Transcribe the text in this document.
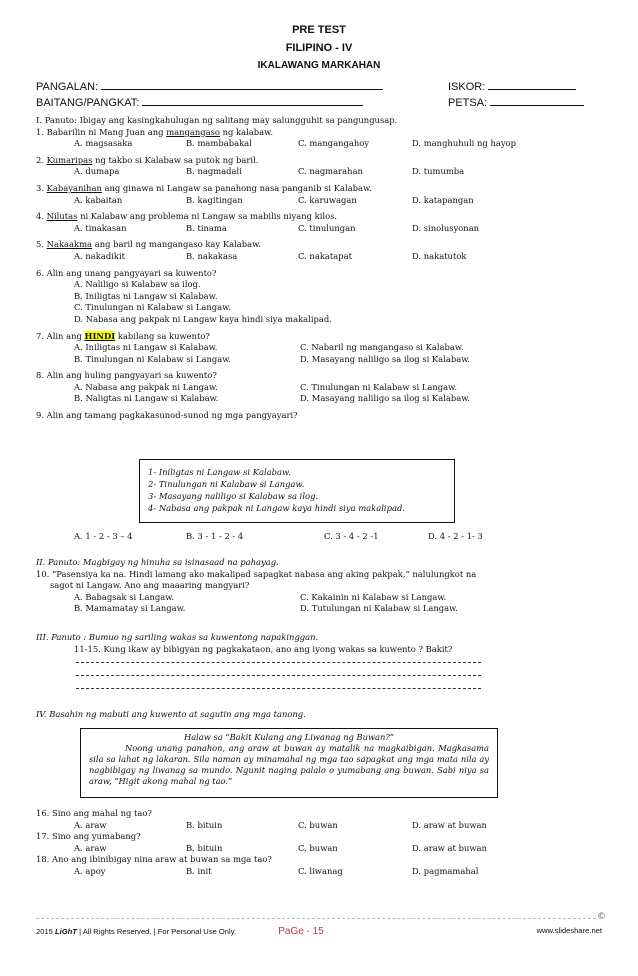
PRE TEST
FILIPINO - IV
IKALAWANG MARKAHAN
PANGALAN:
BAITANG/PANGKAT:
ISKOR:
PETSA:
I. Panuto: Ibigay ang kasingkahulugan ng salitang may salungguhit sa pangungusap.
1. Babarilin ni Mang Juan ang mangangaso ng kalabaw.
A. magsasaka	B. mambabakal	C. mangangahoy	D. manghuhuli ng hayop
2. Kumaripas ng takbo si Kalabaw sa putok ng baril.
A. dumapa	B. nagmadali	C. nagmarahan	D. tumumba
3. Kabayanihan ang ginawa ni Langaw sa panahong nasa panganib si Kalabaw.
A. kabaitan	B. kagitingan	C. karuwagan	D. katapangan
4. Nilutas ni Kalabaw ang problema ni Langaw sa mabilis niyang kilos.
A. tinakasan	B. tinama	C. tinulungan	D. sinolusyonan
5. Nakaakma ang baril ng mangangaso kay Kalabaw.
A. nakadikit	B. nakakasa	C. nakatapat	D. nakatutok
6. Alin ang unang pangyayari sa kuwento?
A. Naliligo si Kalabaw sa ilog.
B. Iniligtas ni Langaw si Kalabaw.
C. Tinulungan ni Kalabaw si Langaw.
D. Nabasa ang pakpak ni Langaw kaya hindi siya makalipad.
7. Alin ang HINDI kabilang sa kuwento?
A. Iniligtas ni Langaw si Kalabaw.	C. Nabaril ng mangangaso si Kalabaw.
B. Tinulungan ni Kalabaw si Langaw.	D. Masayang naliligo sa ilog si Kalabaw.
8. Alin ang huling pangyayari sa kuwento?
A. Nabasa ang pakpak ni Langaw.	C. Tinulungan ni Kalabaw si Langaw.
B. Naligtas ni Langaw si Kalabaw.	D. Masayang naliligo sa ilog si Kalabaw.
9. Alin ang tamang pagkakasunod-sunod ng mga pangyayari?
1- Iniligtas ni Langaw si Kalabaw.
2- Tinulungan ni Kalabaw si Langaw.
3- Masayang naliligo si Kalabaw sa ilog.
4- Nabasa ang pakpak ni Langaw kaya hindi siya makalipad.
A. 1 - 2 - 3 – 4	B. 3 - 1 - 2 - 4	C. 3 - 4 - 2 -1	D. 4 - 2 - 1- 3
II. Panuto: Magbigay ng hinuha sa isinasaad na pahayag.
10. “Pasensiya ka na. Hindi lamang ako makalipad sapagkat nabasa ang aking pakpak,” nalulungkot na
sagot ni Langaw. Ano ang maaaring mangyari?
A. Babagsak si Langaw.	C. Kakainin ni Kalabaw si Langaw.
B. Mamamatay si Langaw.	D. Tutulungan ni Kalabaw si Langaw.
III. Panuto : Bumuo ng sariling wakas sa kuwentong napakinggan.
11-15. Kung ikaw ay bibigyan ng pagkakataon, ano ang iyong wakas sa kuwento ? Bakit?
IV. Basahin ng mabuti ang kuwento at sagutin ang mga tanong.
Halaw sa “Bakit Kulang ang Liwanag ng Buwan?”
Noong unang panahon, ang araw at buwan ay matalik na magkaibigan. Magkasama sila sa lahat ng lakaran. Sila naman ay minamahal ng mga tao sapagkat ang mga mata nila ay nagbibigay ng liwanag sa mundo. Ngunit naging palalo o yumabang ang buwan. Sabi niya sa araw, “Higit akong mahal ng tao.”
16. Sino ang mahal ng tao?
A. araw	B. bituin	C. buwan	D. araw at buwan
17. Sino ang yumabang?
A. araw	B. bituin	C. buwan	D. araw at buwan
18. Ano ang ibinibigay nina araw at buwan sa mga tao?
A. apoy	B. init	C. liwanag	D. pagmamahal
©
2015 LiGhT | All Rights Reserved. | For Personal Use Only.	PaGe - 15	www.slideshare.net
